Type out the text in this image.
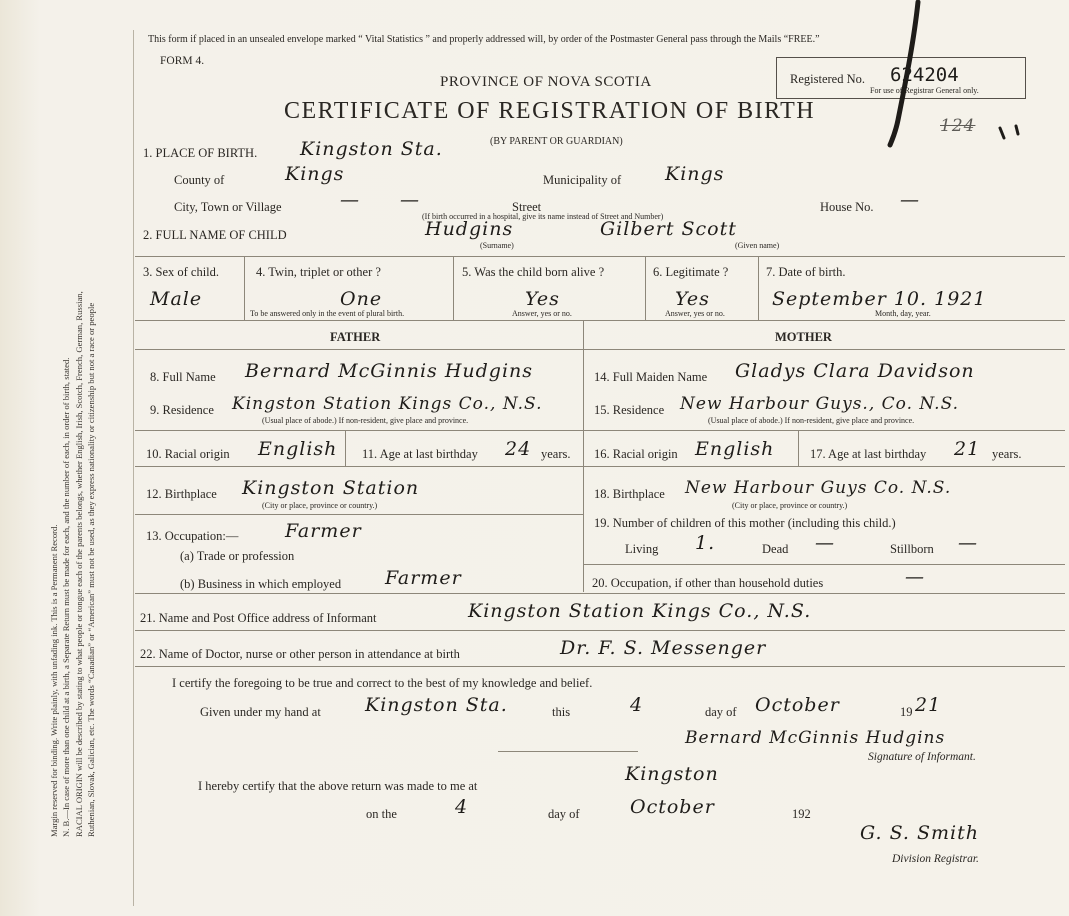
Margin reserved for binding. Write plainly, with unfading ink. This is a Permanent Record. N. B.—In case of more than one child at a birth, a Separate Return must be made for each, and the number of each, in order of birth, stated. RACIAL ORIGIN will be described by stating to what people or tongue each of the parents belongs, whether English, Irish, Scotch, French, German, Russian, Ruthenian, Slovak, Galician, etc. The words “Canadian” or “American” must not be used, as they express nationality or citizenship but not a race or people
This form if placed in an unsealed envelope marked “ Vital Statistics ” and properly addressed will, by order of the Postmaster General pass through the Mails “FREE.”
FORM 4.
PROVINCE OF NOVA SCOTIA
CERTIFICATE OF REGISTRATION OF BIRTH
(BY PARENT OR GUARDIAN)
Registered No. 624204
For use of Registrar General only.
124
1. PLACE OF BIRTH. Kingston Sta.
County of	Kings	Municipality of Kings
City, Town or Village	—	Street
—	House No. —
(If birth occurred in a hospital, give its name instead of Street and Number)
2. FULL NAME OF CHILD	Hudgins	Gilbert Scott
(Surname)	(Given name)
3. Sex of child.
Male
4. Twin, triplet or other ?
One
To be answered only in the event of plural birth.
5. Was the child born alive ?
Yes
Answer, yes or no.
6. Legitimate ?
Yes
Answer, yes or no.
7. Date of birth.
September 10. 1921
Month, day, year.
FATHER	MOTHER
8. Full Name Bernard McGinnis Hudgins
9. Residence Kingston Station Kings Co., N.S.
(Usual place of abode.) If non-resident, give place and province.
10. Racial origin English 11. Age at last birthday 24 years.
12. Birthplace Kingston Station
(City or place, province or country.)
13. Occupation:— Farmer
(a) Trade or profession
(b) Business in which employed Farmer
14. Full Maiden Name Gladys Clara Davidson
15. Residence New Harbour Guys., Co. N.S.
(Usual place of abode.) If non-resident, give place and province.
16. Racial origin English	17. Age at last birthday 21 years.
18. Birthplace New Harbour Guys Co. N.S.
(City or place, province or country.)
19. Number of children of this mother (including this child.)
Living 1.	Dead —	Stillborn —
20. Occupation, if other than household duties	—
21. Name and Post Office address of Informant	Kingston Station Kings Co., N.S.
22. Name of Doctor, nurse or other person in attendance at birth	Dr. F. S. Messenger
I certify the foregoing to be true and correct to the best of my knowledge and belief.
Given under my hand at Kingston Sta.	this	4	day of October	19 21
Bernard McGinnis Hudgins
Signature of Informant.
I hereby certify that the above return was made to me at
Kingston
on the	4	day of	October	192
G. S. Smith
Division Registrar.
